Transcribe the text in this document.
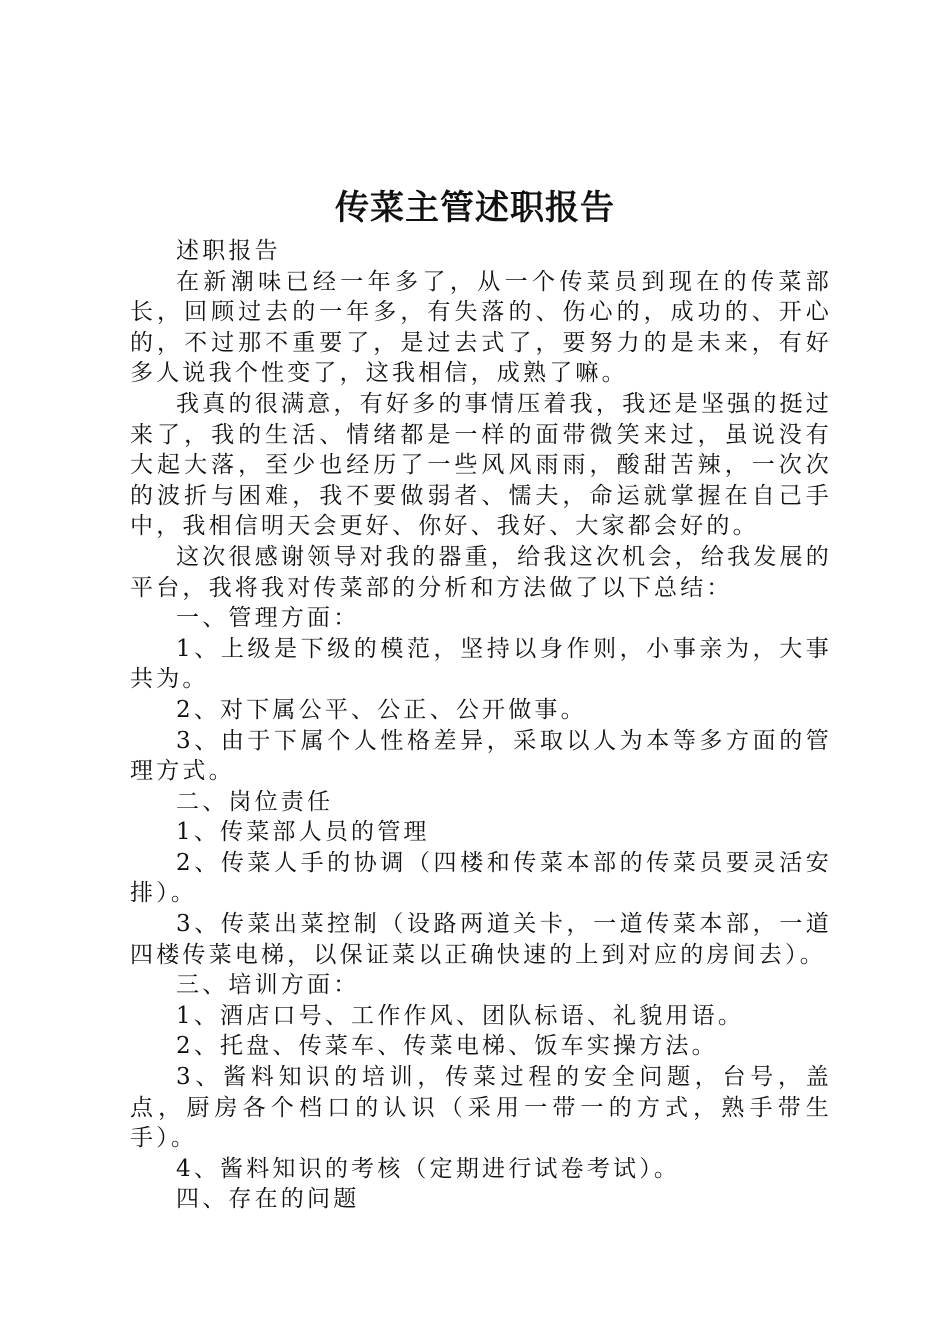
传菜主管述职报告

述职报告

在新潮味已经一年多了，从一个传菜员到现在的传菜部长，回顾过去的一年多，有失落的、伤心的，成功的、开心的，不过那不重要了，是过去式了，要努力的是未来，有好多人说我个性变了，这我相信，成熟了嘛。

我真的很满意，有好多的事情压着我，我还是坚强的挺过来了，我的生活、情绪都是一样的面带微笑来过，虽说没有大起大落，至少也经历了一些风风雨雨，酸甜苦辣，一次次的波折与困难，我不要做弱者、懦夫，命运就掌握在自己手中，我相信明天会更好、你好、我好、大家都会好的。

这次很感谢领导对我的器重，给我这次机会，给我发展的平台，我将我对传菜部的分析和方法做了以下总结：

一、管理方面：

1、上级是下级的模范，坚持以身作则，小事亲为，大事共为。

2、对下属公平、公正、公开做事。

3、由于下属个人性格差异，采取以人为本等多方面的管理方式。

二、岗位责任

1、传菜部人员的管理

2、传菜人手的协调（四楼和传菜本部的传菜员要灵活安排）。

3、传菜出菜控制（设路两道关卡，一道传菜本部，一道四楼传菜电梯，以保证菜以正确快速的上到对应的房间去）。

三、培训方面：

1、酒店口号、工作作风、团队标语、礼貌用语。

2、托盘、传菜车、传菜电梯、饭车实操方法。

3、酱料知识的培训，传菜过程的安全问题，台号，盖点，厨房各个档口的认识（采用一带一的方式，熟手带生手）。

4、酱料知识的考核（定期进行试卷考试）。

四、存在的问题
